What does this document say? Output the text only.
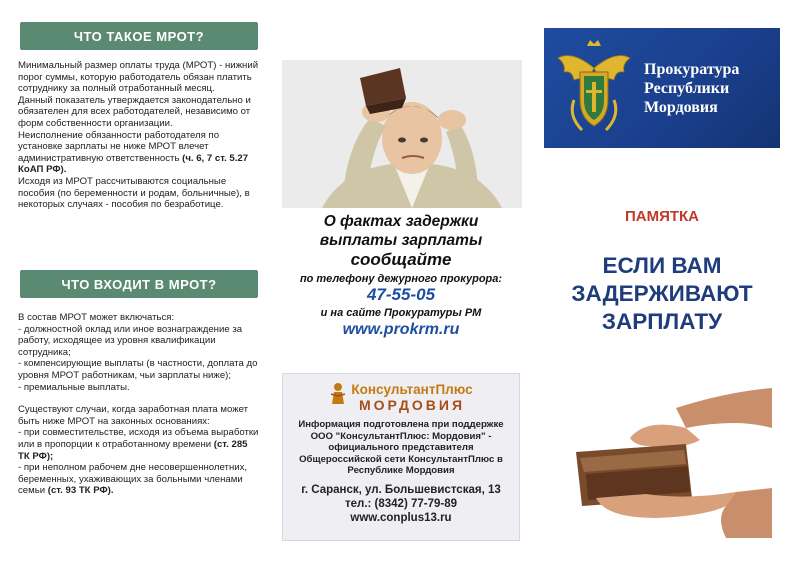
ЧТО ТАКОЕ МРОТ?

Минимальный размер оплаты труда (МРОТ) - нижний порог суммы, которую работодатель обязан платить сотруднику за полный отработанный месяц.

Данный показатель утверждается законодательно и обязателен для всех работодателей, независимо от форм собственности организации.

Неисполнение обязанности работодателя по установке зарплаты не ниже МРОТ влечет административную ответственность (ч. 6, 7 ст. 5.27 КоАП РФ).

Исходя из МРОТ рассчитываются социальные пособия (по беременности и родам, больничные), в некоторых случаях - пособия по безработице.

ЧТО ВХОДИТ В МРОТ?

В состав МРОТ может включаться:

- должностной оклад или иное вознаграждение за работу, исходящее из уровня квалификации сотрудника;

- компенсирующие выплаты (в частности, доплата до уровня МРОТ работникам, чьи зарплаты ниже);

- премиальные выплаты.

Существуют случаи, когда заработная плата может быть ниже МРОТ на законных основаниях:

- при совместительстве, исходя из объема выработки или в пропорции к отработанному времени (ст. 285 ТК РФ);

- при неполном рабочем дне несовершеннолетних, беременных, ухаживающих за больными членами семьи (ст. 93 ТК РФ).

О фактах задержки
выплаты зарплаты
сообщайте
по телефону дежурного прокурора:
47-55-05
и на сайте Прокуратуры РМ
www.prokrm.ru
КонсультантПлюс
МОРДОВИЯ
Информация подготовлена при поддержке ООО "КонсультантПлюс: Мордовия" - официального представителя Общероссийской сети КонсультантПлюс в Республике Мордовия
г. Саранск, ул. Большевистская, 13
тел.: (8342) 77-79-89
www.conplus13.ru
Прокуратура
Республики
Мордовия
ПАМЯТКА
ЕСЛИ ВАМ
ЗАДЕРЖИВАЮТ
ЗАРПЛАТУ
